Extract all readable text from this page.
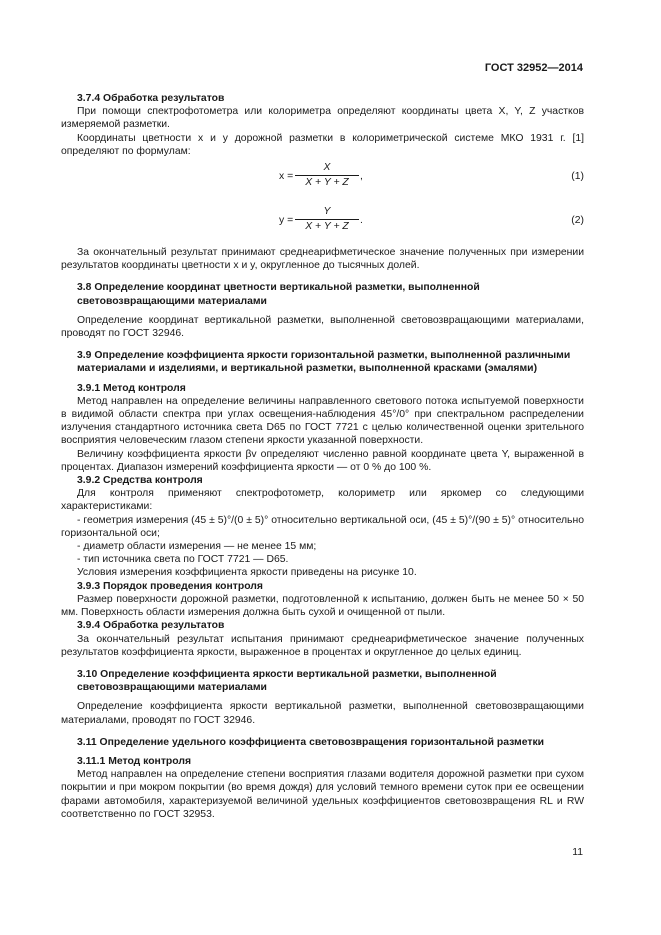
ГОСТ 32952—2014
3.7.4 Обработка результатов
При помощи спектрофотометра или колориметра определяют координаты цвета X, Y, Z участков измеряемой разметки.
Координаты цветности x и y дорожной разметки в колориметрической системе МКО 1931 г. [1] определяют по формулам:
$x = \frac{X}{X + Y + Z}$ ,	(1)
$y = \frac{Y}{X + Y + Z}$ .	(2)
За окончательный результат принимают среднеарифметическое значение полученных при измерении результатов координаты цветности x и y, округленное до тысячных долей.
3.8 Определение координат цветности вертикальной разметки, выполненной световозвращающими материалами
Определение координат вертикальной разметки, выполненной световозвращающими материалами, проводят по ГОСТ 32946.
3.9 Определение коэффициента яркости горизонтальной разметки, выполненной различными материалами и изделиями, и вертикальной разметки, выполненной красками (эмалями)
3.9.1 Метод контроля
Метод направлен на определение величины направленного светового потока испытуемой поверхности в видимой области спектра при углах освещения-наблюдения 45°/0° при спектральном распределении излучения стандартного источника света D65 по ГОСТ 7721 с целью количественной оценки зрительного восприятия человеческим глазом степени яркости указанной поверхности.
Величину коэффициента яркости βv определяют численно равной координате цвета Y, выраженной в процентах. Диапазон измерений коэффициента яркости — от 0 % до 100 %.
3.9.2 Средства контроля
Для контроля применяют спектрофотометр, колориметр или яркомер со следующими характеристиками:
- геометрия измерения (45 ± 5)°/(0 ± 5)° относительно вертикальной оси, (45 ± 5)°/(90 ± 5)° относительно горизонтальной оси;
- диаметр области измерения — не менее 15 мм;
- тип источника света по ГОСТ 7721 — D65.
Условия измерения коэффициента яркости приведены на рисунке 10.
3.9.3 Порядок проведения контроля
Размер поверхности дорожной разметки, подготовленной к испытанию, должен быть не менее 50 × 50 мм. Поверхность области измерения должна быть сухой и очищенной от пыли.
3.9.4 Обработка результатов
За окончательный результат испытания принимают среднеарифметическое значение полученных результатов коэффициента яркости, выраженное в процентах и округленное до целых единиц.
3.10 Определение коэффициента яркости вертикальной разметки, выполненной световозвращающими материалами
Определение коэффициента яркости вертикальной разметки, выполненной световозвращающими материалами, проводят по ГОСТ 32946.
3.11 Определение удельного коэффициента световозвращения горизонтальной разметки
3.11.1 Метод контроля
Метод направлен на определение степени восприятия глазами водителя дорожной разметки при сухом покрытии и при мокром покрытии (во время дождя) для условий темного времени суток при ее освещении фарами автомобиля, характеризуемой величиной удельных коэффициентов световозвращения RL и RW соответственно по ГОСТ 32953.
11
